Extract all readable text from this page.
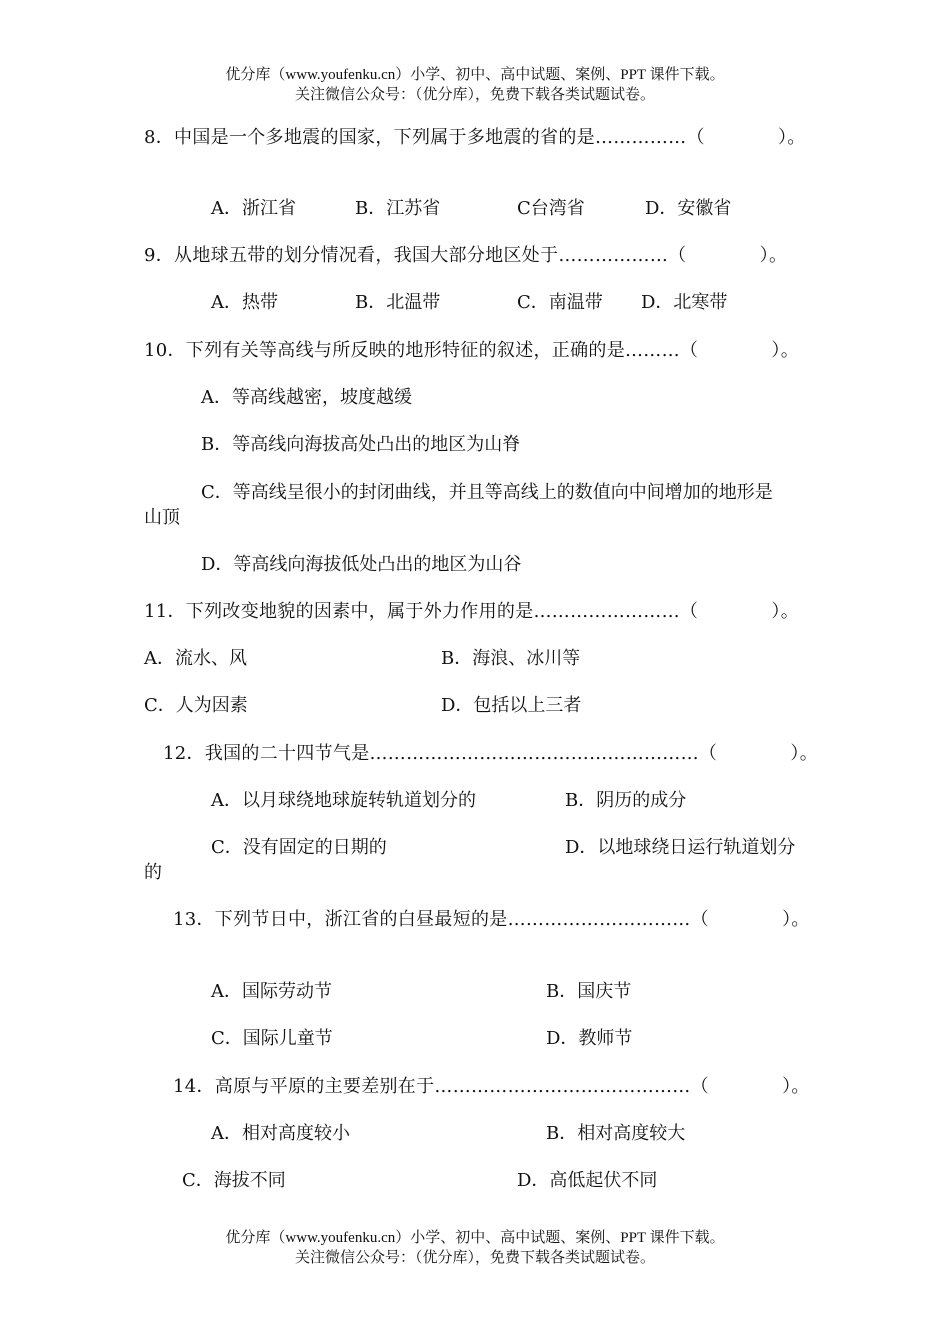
优分库（www.youfenku.cn）小学、初中、高中试题、案例、PPT 课件下载。
关注微信公众号：（优分库），免费下载各类试题试卷。
8．中国是一个多地震的国家，下列属于多地震的省的是……………（　　　　）。
A．浙江省	B．江苏省	C台湾省	D．安徽省
9．从地球五带的划分情况看，我国大部分地区处于………………（　　　　）。
A．热带	B．北温带	C．南温带 D．北寒带
10．下列有关等高线与所反映的地形特征的叙述，正确的是………（　　　　）。
A．等高线越密，坡度越缓
B．等高线向海拔高处凸出的地区为山脊
C．等高线呈很小的封闭曲线，并且等高线上的数值向中间增加的地形是
山顶
D．等高线向海拔低处凸出的地区为山谷
11．下列改变地貌的因素中，属于外力作用的是……………………（　　　　）。
A．流水、风	B．海浪、冰川等
C．人为因素	D．包括以上三者
12．我国的二十四节气是………………………………………………（　　　　）。
A．以月球绕地球旋转轨道划分的	B．阴历的成分
C．没有固定的日期的	D．以地球绕日运行轨道划分
的
13．下列节日中，浙江省的白昼最短的是…………………………（　　　　）。
A．国际劳动节	B．国庆节
C．国际儿童节	D．教师节
14．高原与平原的主要差别在于……………………………………（　　　　）。
A．相对高度较小	B．相对高度较大
C．海拔不同	D．高低起伏不同
优分库（www.youfenku.cn）小学、初中、高中试题、案例、PPT 课件下载。
关注微信公众号：（优分库），免费下载各类试题试卷。
